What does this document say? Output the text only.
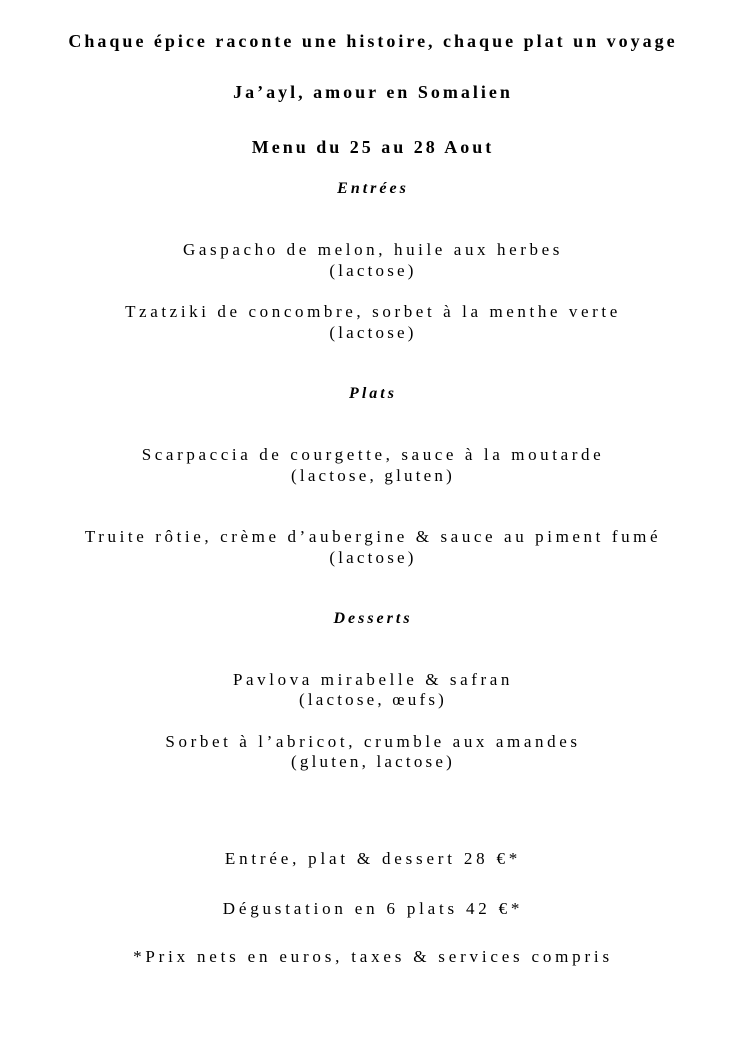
Chaque épice raconte une histoire, chaque plat un voyage
Ja’ayl, amour en Somalien
Menu du 25 au 28 Aout
Entrées
Gaspacho de melon, huile aux herbes
(lactose)
Tzatziki de concombre, sorbet à la menthe verte
(lactose)
Plats
Scarpaccia de courgette, sauce à la moutarde
(lactose, gluten)
Truite rôtie, crème d’aubergine & sauce au piment fumé
(lactose)
Desserts
Pavlova mirabelle & safran
(lactose, œufs)
Sorbet à l’abricot, crumble aux amandes
(gluten, lactose)
Entrée, plat & dessert 28 €*
Dégustation en 6 plats 42 €*
*Prix nets en euros, taxes & services compris
